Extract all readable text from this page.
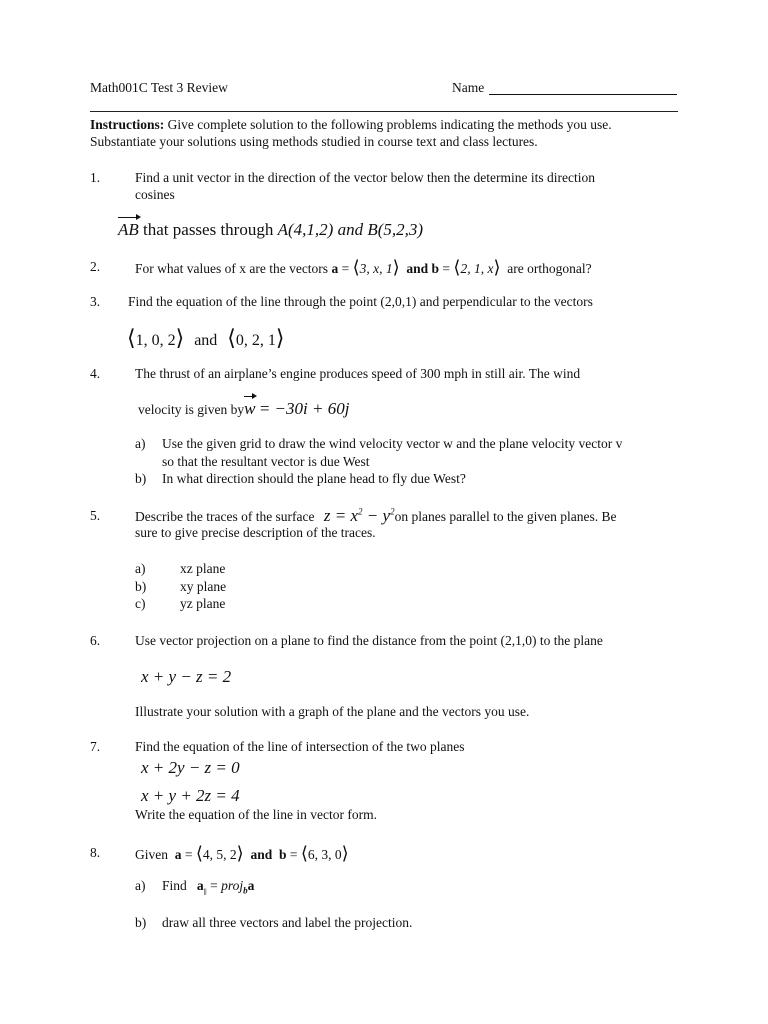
Math001C Test 3 Review	Name
Instructions: Give complete solution to the following problems indicating the methods you use.
Substantiate your solutions using methods studied in course text and class lectures.
1.	Find a unit vector in the direction of the vector below then the determine its direction
cosines
AB that passes through A(4,1,2) and B(5,2,3)
2.	For what values of x are the vectors a = ⟨3, x, 1⟩ and b = ⟨2, 1, x⟩ are orthogonal?
3. Find the equation of the line through the point (2,0,1) and perpendicular to the vectors
⟨1, 0, 2⟩ and ⟨0, 2, 1⟩
4.	The thrust of an airplane’s engine produces speed of 300 mph in still air. The wind
velocity is given byw = −30i + 60j
a) Use the given grid to draw the wind velocity vector w and the plane velocity vector v
so that the resultant vector is due West
b) In what direction should the plane head to fly due West?
5.	Describe the traces of the surface $z = x^2 - y^2on$ planes parallel to the given planes. Be
sure to give precise description of the traces.
a)	xz plane
b)	xy plane
c)	yz plane
6.	Use vector projection on a plane to find the distance from the point (2,1,0) to the plane
x + y − z = 2
Illustrate your solution with a graph of the plane and the vectors you use.
7.	Find the equation of the line of intersection of the two planes
x + 2y − z = 0
x + y + 2z = 4
Write the equation of the line in vector form.
8.	Given a = ⟨4, 5, 2⟩ and b = ⟨6, 3, 0⟩
a) Find $a_{||}$ = proj$_b$a
b) draw all three vectors and label the projection.
